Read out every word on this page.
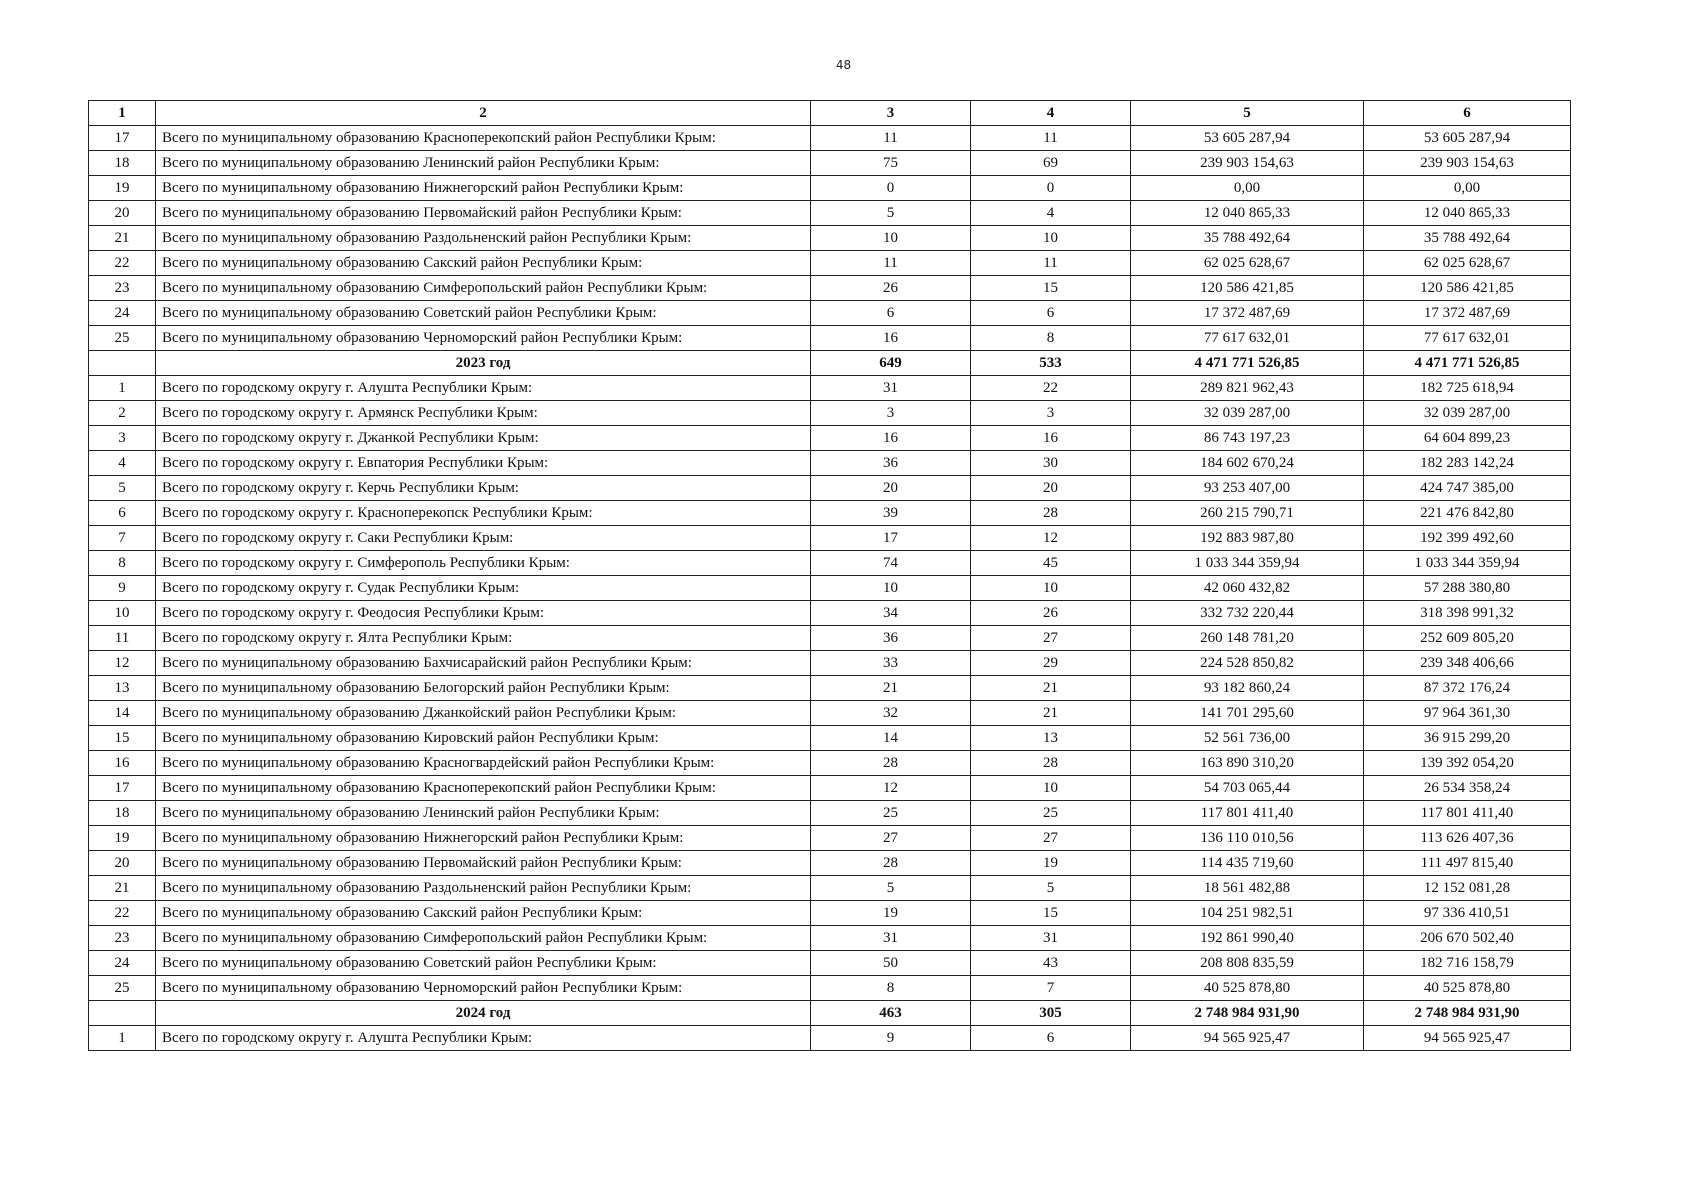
48
1	2	3	4	5	6
17	Всего по муниципальному образованию Красноперекопский район Республики Крым:	11	11	53 605 287,94	53 605 287,94
18	Всего по муниципальному образованию Ленинский район Республики Крым:	75	69	239 903 154,63	239 903 154,63
19	Всего по муниципальному образованию Нижнегорский район Республики Крым:	0	0	0,00	0,00
20	Всего по муниципальному образованию Первомайский район Республики Крым:	5	4	12 040 865,33	12 040 865,33
21	Всего по муниципальному образованию Раздольненский район Республики Крым:	10	10	35 788 492,64	35 788 492,64
22	Всего по муниципальному образованию Сакский район Республики Крым:	11	11	62 025 628,67	62 025 628,67
23	Всего по муниципальному образованию Симферопольский район Республики Крым:	26	15	120 586 421,85	120 586 421,85
24	Всего по муниципальному образованию Советский район Республики Крым:	6	6	17 372 487,69	17 372 487,69
25	Всего по муниципальному образованию Черноморский район Республики Крым:	16	8	77 617 632,01	77 617 632,01
	2023 год	649	533	4 471 771 526,85	4 471 771 526,85
1	Всего по городскому округу г. Алушта Республики Крым:	31	22	289 821 962,43	182 725 618,94
2	Всего по городскому округу г. Армянск Республики Крым:	3	3	32 039 287,00	32 039 287,00
3	Всего по городскому округу г. Джанкой Республики Крым:	16	16	86 743 197,23	64 604 899,23
4	Всего по городскому округу г. Евпатория Республики Крым:	36	30	184 602 670,24	182 283 142,24
5	Всего по городскому округу г. Керчь Республики Крым:	20	20	93 253 407,00	424 747 385,00
6	Всего по городскому округу г. Красноперекопск Республики Крым:	39	28	260 215 790,71	221 476 842,80
7	Всего по городскому округу г. Саки Республики Крым:	17	12	192 883 987,80	192 399 492,60
8	Всего по городскому округу г. Симферополь Республики Крым:	74	45	1 033 344 359,94	1 033 344 359,94
9	Всего по городскому округу г. Судак Республики Крым:	10	10	42 060 432,82	57 288 380,80
10	Всего по городскому округу г. Феодосия Республики Крым:	34	26	332 732 220,44	318 398 991,32
11	Всего по городскому округу г. Ялта Республики Крым:	36	27	260 148 781,20	252 609 805,20
12	Всего по муниципальному образованию Бахчисарайский район Республики Крым:	33	29	224 528 850,82	239 348 406,66
13	Всего по муниципальному образованию Белогорский район Республики Крым:	21	21	93 182 860,24	87 372 176,24
14	Всего по муниципальному образованию Джанкойский район Республики Крым:	32	21	141 701 295,60	97 964 361,30
15	Всего по муниципальному образованию Кировский район Республики Крым:	14	13	52 561 736,00	36 915 299,20
16	Всего по муниципальному образованию Красногвардейский район Республики Крым:	28	28	163 890 310,20	139 392 054,20
17	Всего по муниципальному образованию Красноперекопский район Республики Крым:	12	10	54 703 065,44	26 534 358,24
18	Всего по муниципальному образованию Ленинский район Республики Крым:	25	25	117 801 411,40	117 801 411,40
19	Всего по муниципальному образованию Нижнегорский район Республики Крым:	27	27	136 110 010,56	113 626 407,36
20	Всего по муниципальному образованию Первомайский район Республики Крым:	28	19	114 435 719,60	111 497 815,40
21	Всего по муниципальному образованию Раздольненский район Республики Крым:	5	5	18 561 482,88	12 152 081,28
22	Всего по муниципальному образованию Сакский район Республики Крым:	19	15	104 251 982,51	97 336 410,51
23	Всего по муниципальному образованию Симферопольский район Республики Крым:	31	31	192 861 990,40	206 670 502,40
24	Всего по муниципальному образованию Советский район Республики Крым:	50	43	208 808 835,59	182 716 158,79
25	Всего по муниципальному образованию Черноморский район Республики Крым:	8	7	40 525 878,80	40 525 878,80
	2024 год	463	305	2 748 984 931,90	2 748 984 931,90
1	Всего по городскому округу г. Алушта Республики Крым:	9	6	94 565 925,47	94 565 925,47
